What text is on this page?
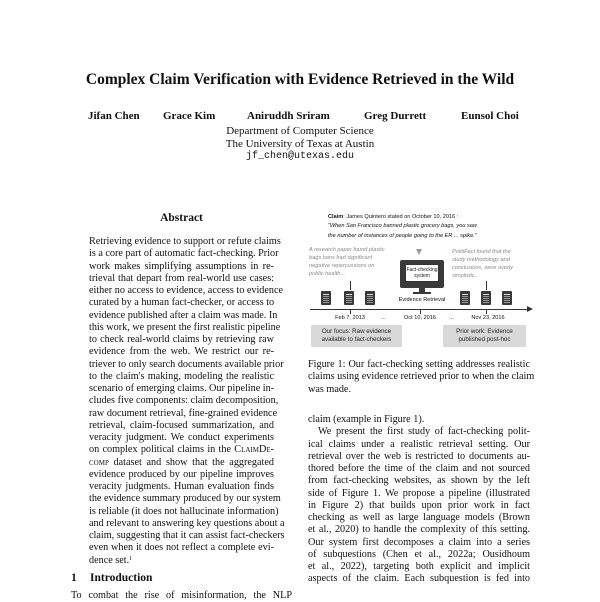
Complex Claim Verification with Evidence Retrieved in the Wild
Jifan Chen Grace Kim	Aniruddh Sriram	Greg Durrett	Eunsol Choi
Department of Computer Science
The University of Texas at Austin
jf_chen@utexas.edu
Abstract
Retrieving evidence to support or refute claims
is a core part of automatic fact-checking. Prior
work makes simplifying assumptions in re-
trieval that depart from real-world use cases:
either no access to evidence, access to evidence
curated by a human fact-checker, or access to
evidence published after a claim was made. In
this work, we present the first realistic pipeline
to check real-world claims by retrieving raw
evidence from the web. We restrict our re-
triever to only search documents available prior
to the claim's making, modeling the realistic
scenario of emerging claims. Our pipeline in-
cludes five components: claim decomposition,
raw document retrieval, fine-grained evidence
retrieval, claim-focused summarization, and
veracity judgment. We conduct experiments
on complex political claims in the ClaimDe-
comp dataset and show that the aggregated
evidence produced by our pipeline improves
veracity judgments. Human evaluation finds
the evidence summary produced by our system
is reliable (it does not hallucinate information)
and relevant to answering key questions about a
claim, suggesting that it can assist fact-checkers
even when it does not reflect a complete evi-
dence set.$^1$
1 Introduction
To combat the rise of misinformation, the NLP
Claim: James Quintero stated on October 10, 2016 :
“When San Francisco banned plastic grocery bags, you saw
the number of instances of people going to the ER ... spike.”
A research paper found plastic
bags bans had significant
negative repercussions on
public health...
PolitiFact found that the
study methodology and
conclusions, were overly
simplistic...
Fact-checking
system
Evidence Retrieval
Feb 7, 2013	...	Oct 10, 2016 ...	Nov 23, 2016
Our focus: Raw evidence
available to fact-checkers
Prior work: Evidence
published post-hoc
Figure 1: Our fact-checking setting addresses realistic
claims using evidence retrieved prior to when the claim
was made.
claim (example in Figure 1).
We present the first study of fact-checking polit-
ical claims under a realistic retrieval setting. Our
retrieval over the web is restricted to documents au-
thored before the time of the claim and not sourced
from fact-checking websites, as shown by the left
side of Figure 1. We propose a pipeline (illustrated
in Figure 2) that builds upon prior work in fact
checking as well as large language models (Brown
et al., 2020) to handle the complexity of this setting.
Our system first decomposes a claim into a series
of subquestions (Chen et al., 2022a; Ousidhoum
et al., 2022), targeting both explicit and implicit
aspects of the claim. Each subquestion is fed into
